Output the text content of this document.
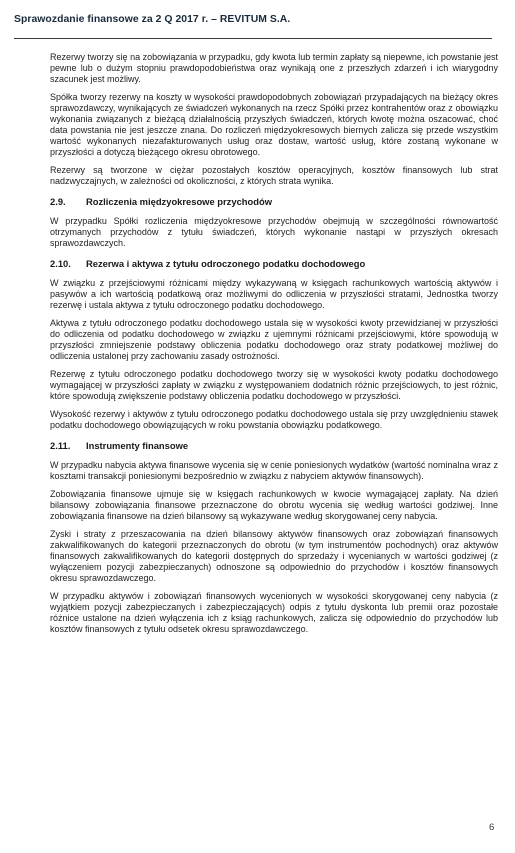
Sprawozdanie finansowe za 2 Q 2017 r. – REVITUM S.A.

Rezerwy tworzy się na zobowiązania w przypadku, gdy kwota lub termin zapłaty są niepewne, ich powstanie jest pewne lub o dużym stopniu prawdopodobieństwa oraz wynikają one z przeszłych zdarzeń i ich wiarygodny szacunek jest możliwy.

Spółka tworzy rezerwy na koszty w wysokości prawdopodobnych zobowiązań przypadających na bieżący okres sprawozdawczy, wynikających ze świadczeń wykonanych na rzecz Spółki przez kontrahentów oraz z obowiązku wykonania związanych z bieżącą działalnością przyszłych świadczeń, których kwotę można oszacować, choć data powstania nie jest jeszcze znana. Do rozliczeń międzyokresowych biernych zalicza się przede wszystkim wartość wykonanych niezafakturowanych usług oraz dostaw, wartość usług, które zostaną wykonane w przyszłości a dotyczą bieżącego okresu obrotowego.

Rezerwy są tworzone w ciężar pozostałych kosztów operacyjnych, kosztów finansowych lub strat nadzwyczajnych, w zależności od okoliczności, z których strata wynika.

2.9. Rozliczenia międzyokresowe przychodów

W przypadku Spółki rozliczenia międzyokresowe przychodów obejmują w szczególności równowartość otrzymanych przychodów z tytułu świadczeń, których wykonanie nastąpi w przyszłych okresach sprawozdawczych.

2.10. Rezerwa i aktywa z tytułu odroczonego podatku dochodowego

W związku z przejściowymi różnicami między wykazywaną w księgach rachunkowych wartością aktywów i pasywów a ich wartością podatkową oraz możliwymi do odliczenia w przyszłości stratami, Jednostka tworzy rezerwę i ustala aktywa z tytułu odroczonego podatku dochodowego.

Aktywa z tytułu odroczonego podatku dochodowego ustala się w wysokości kwoty przewidzianej w przyszłości do odliczenia od podatku dochodowego w związku z ujemnymi różnicami przejściowymi, które spowodują w przyszłości zmniejszenie podstawy obliczenia podatku dochodowego oraz straty podatkowej możliwej do odliczenia ustalonej przy zachowaniu zasady ostrożności.

Rezerwę z tytułu odroczonego podatku dochodowego tworzy się w wysokości kwoty podatku dochodowego wymagającej w przyszłości zapłaty w związku z występowaniem dodatnich różnic przejściowych, to jest różnic, które spowodują zwiększenie podstawy obliczenia podatku dochodowego w przyszłości.

Wysokość rezerwy i aktywów z tytułu odroczonego podatku dochodowego ustala się przy uwzględnieniu stawek podatku dochodowego obowiązujących w roku powstania obowiązku podatkowego.

2.11. Instrumenty finansowe

W przypadku nabycia aktywa finansowe wycenia się w cenie poniesionych wydatków (wartość nominalna wraz z kosztami transakcji poniesionymi bezpośrednio w związku z nabyciem aktywów finansowych).

Zobowiązania finansowe ujmuje się w księgach rachunkowych w kwocie wymagającej zapłaty. Na dzień bilansowy zobowiązania finansowe przeznaczone do obrotu wycenia się według wartości godziwej. Inne zobowiązania finansowe na dzień bilansowy są wykazywane według skorygowanej ceny nabycia.

Zyski i straty z przeszacowania na dzień bilansowy aktywów finansowych oraz zobowiązań finansowych zakwalifikowanych do kategorii przeznaczonych do obrotu (w tym instrumentów pochodnych) oraz aktywów finansowych zakwalifikowanych do kategorii dostępnych do sprzedaży i wycenianych w wartości godziwej (z wyłączeniem pozycji zabezpieczanych) odnoszone są odpowiednio do przychodów i kosztów finansowych okresu sprawozdawczego.

W przypadku aktywów i zobowiązań finansowych wycenionych w wysokości skorygowanej ceny nabycia (z wyjątkiem pozycji zabezpieczanych i zabezpieczających) odpis z tytułu dyskonta lub premii oraz pozostałe różnice ustalone na dzień wyłączenia ich z ksiąg rachunkowych, zalicza się odpowiednio do przychodów lub kosztów finansowych z tytułu odsetek okresu sprawozdawczego.

6
